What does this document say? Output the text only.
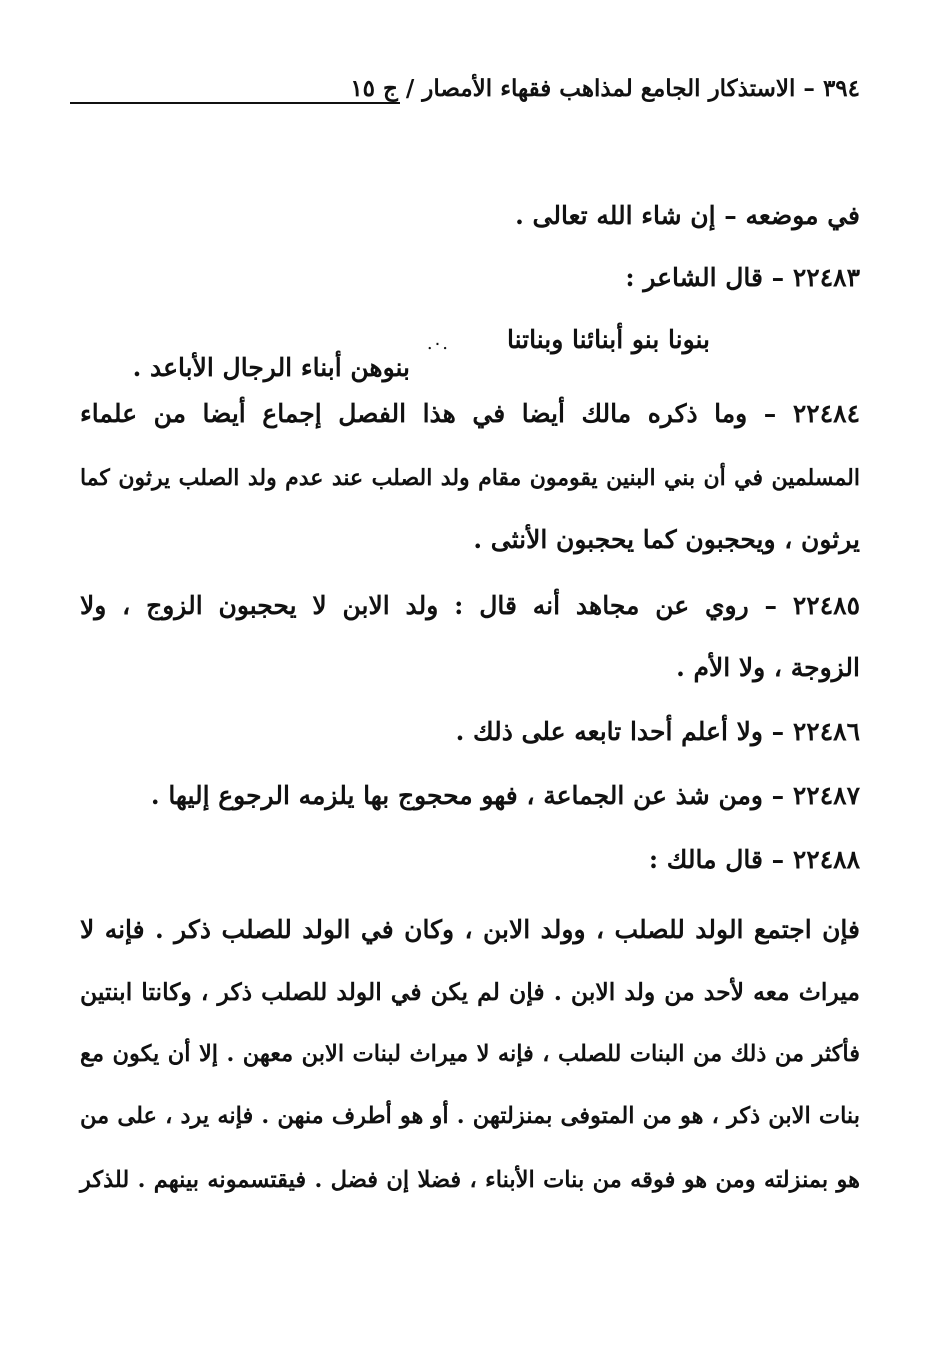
٣٩٤ – الاستذكار الجامع لمذاهب فقهاء الأمصار / ج ١٥
في موضعه – إن شاء الله تعالى .
٢٢٤٨٣ – قال الشاعر :
بنونا بنو أبنائنا وبناتنا
.٠.
بنوهن أبناء الرجال الأباعد .
٢٢٤٨٤ – وما ذكره مالك أيضا في هذا الفصل إجماع أيضا من علماء
المسلمين في أن بني البنين يقومون مقام ولد الصلب عند عدم ولد الصلب يرثون كما
يرثون ، ويحجبون كما يحجبون الأنثى .
٢٢٤٨٥ – روي عن مجاهد أنه قال : ولد الابن لا يحجبون الزوج ، ولا
الزوجة ، ولا الأم .
٢٢٤٨٦ – ولا أعلم أحدا تابعه على ذلك .
٢٢٤٨٧ – ومن شذ عن الجماعة ، فهو محجوج بها يلزمه الرجوع إليها .
٢٢٤٨٨ – قال مالك :
فإن اجتمع الولد للصلب ، وولد الابن ، وكان في الولد للصلب ذكر . فإنه لا
ميراث معه لأحد من ولد الابن . فإن لم يكن في الولد للصلب ذكر ، وكانتا ابنتين
فأكثر من ذلك من البنات للصلب ، فإنه لا ميراث لبنات الابن معهن . إلا أن يكون مع
بنات الابن ذكر ، هو من المتوفى بمنزلتهن . أو هو أطرف منهن . فإنه يرد ، على من
هو بمنزلته ومن هو فوقه من بنات الأبناء ، فضلا إن فضل . فيقتسمونه بينهم . للذكر
